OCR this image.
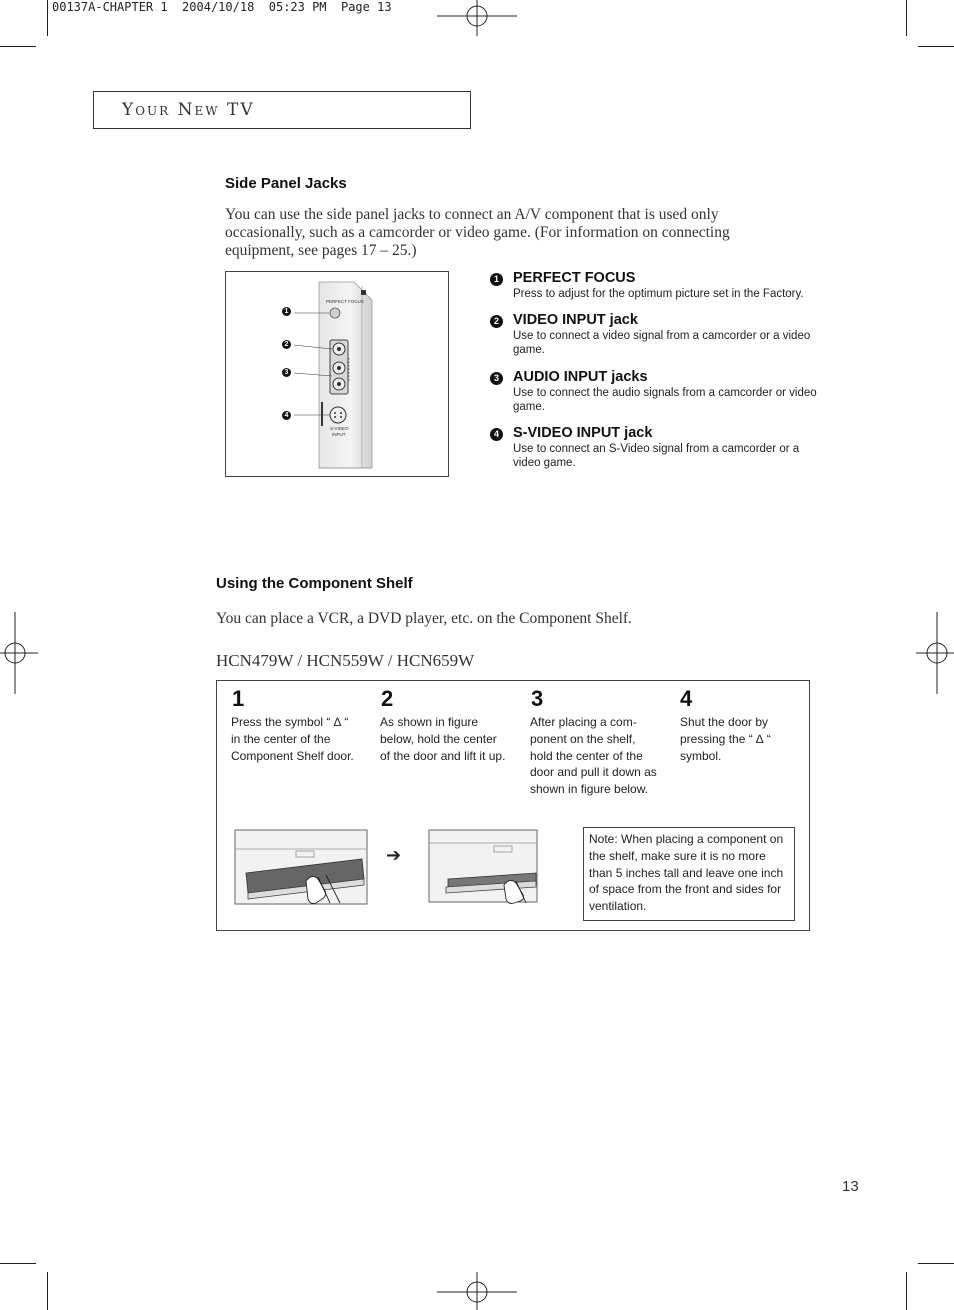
00137A-CHAPTER 1  2004/10/18  05:23 PM  Page 13
Your New TV
Side Panel Jacks
You can use the side panel jacks to connect an A/V component that is used only
occasionally, such as a camcorder or video game. (For information on connecting
equipment, see pages 17 – 25.)
PERFECT FOCUS
S-VIDEO
INPUT
1
2
3
4
1 PERFECT FOCUS
Press to adjust for the optimum picture set in the Factory.
2 VIDEO INPUT jack
Use to connect a video signal from a camcorder or a video
game.
3 AUDIO INPUT jacks
Use to connect the audio signals from a camcorder or video
game.
4 S-VIDEO INPUT jack
Use to connect an S-Video signal from a camcorder or a
video game.
Using the Component Shelf
You can place a VCR, a DVD player, etc. on the Component Shelf.
HCN479W / HCN559W / HCN659W
1
Press the symbol “ ∆ “
in the center of the
Component Shelf door.
2
As shown in figure
below, hold the center
of the door and lift it up.
3
After placing a com-
ponent on the shelf,
hold the center of the
door and pull it down as
shown in figure below.
4
Shut the door by
pressing the “ ∆ “
symbol.
➔
Note: When placing a component on
the shelf, make sure it is no more
than 5 inches tall and leave one inch
of space from the front and sides for
ventilation.
13
